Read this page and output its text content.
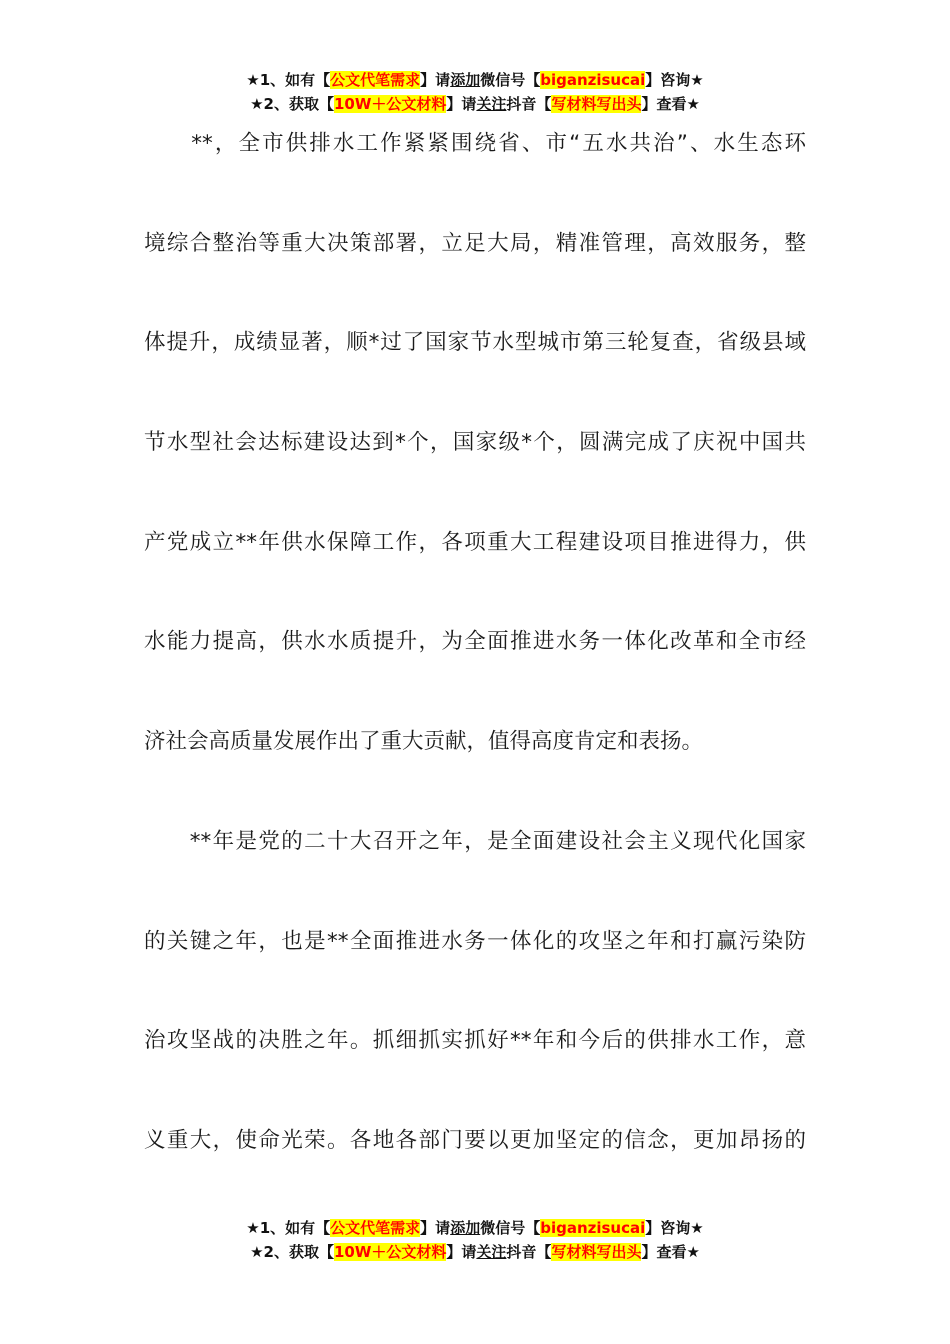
★1、如有【公文代笔需求】请添加微信号【biganzisucai】咨询★
★2、获取【10W＋公文材料】请关注抖音【写材料写出头】查看★
　　**，全市供排水工作紧紧围绕省、市“五水共治”、水生态环
境综合整治等重大决策部署，立足大局，精准管理，高效服务，整
体提升，成绩显著，顺*过了国家节水型城市第三轮复查，省级县域
节水型社会达标建设达到*个，国家级*个，圆满完成了庆祝中国共
产党成立**年供水保障工作，各项重大工程建设项目推进得力，供
水能力提高，供水水质提升，为全面推进水务一体化改革和全市经
济社会高质量发展作出了重大贡献，值得高度肯定和表扬。
　　**年是党的二十大召开之年，是全面建设社会主义现代化国家
的关键之年，也是**全面推进水务一体化的攻坚之年和打赢污染防
治攻坚战的决胜之年。抓细抓实抓好**年和今后的供排水工作，意
义重大，使命光荣。各地各部门要以更加坚定的信念，更加昂扬的
★1、如有【公文代笔需求】请添加微信号【biganzisucai】咨询★
★2、获取【10W＋公文材料】请关注抖音【写材料写出头】查看★
